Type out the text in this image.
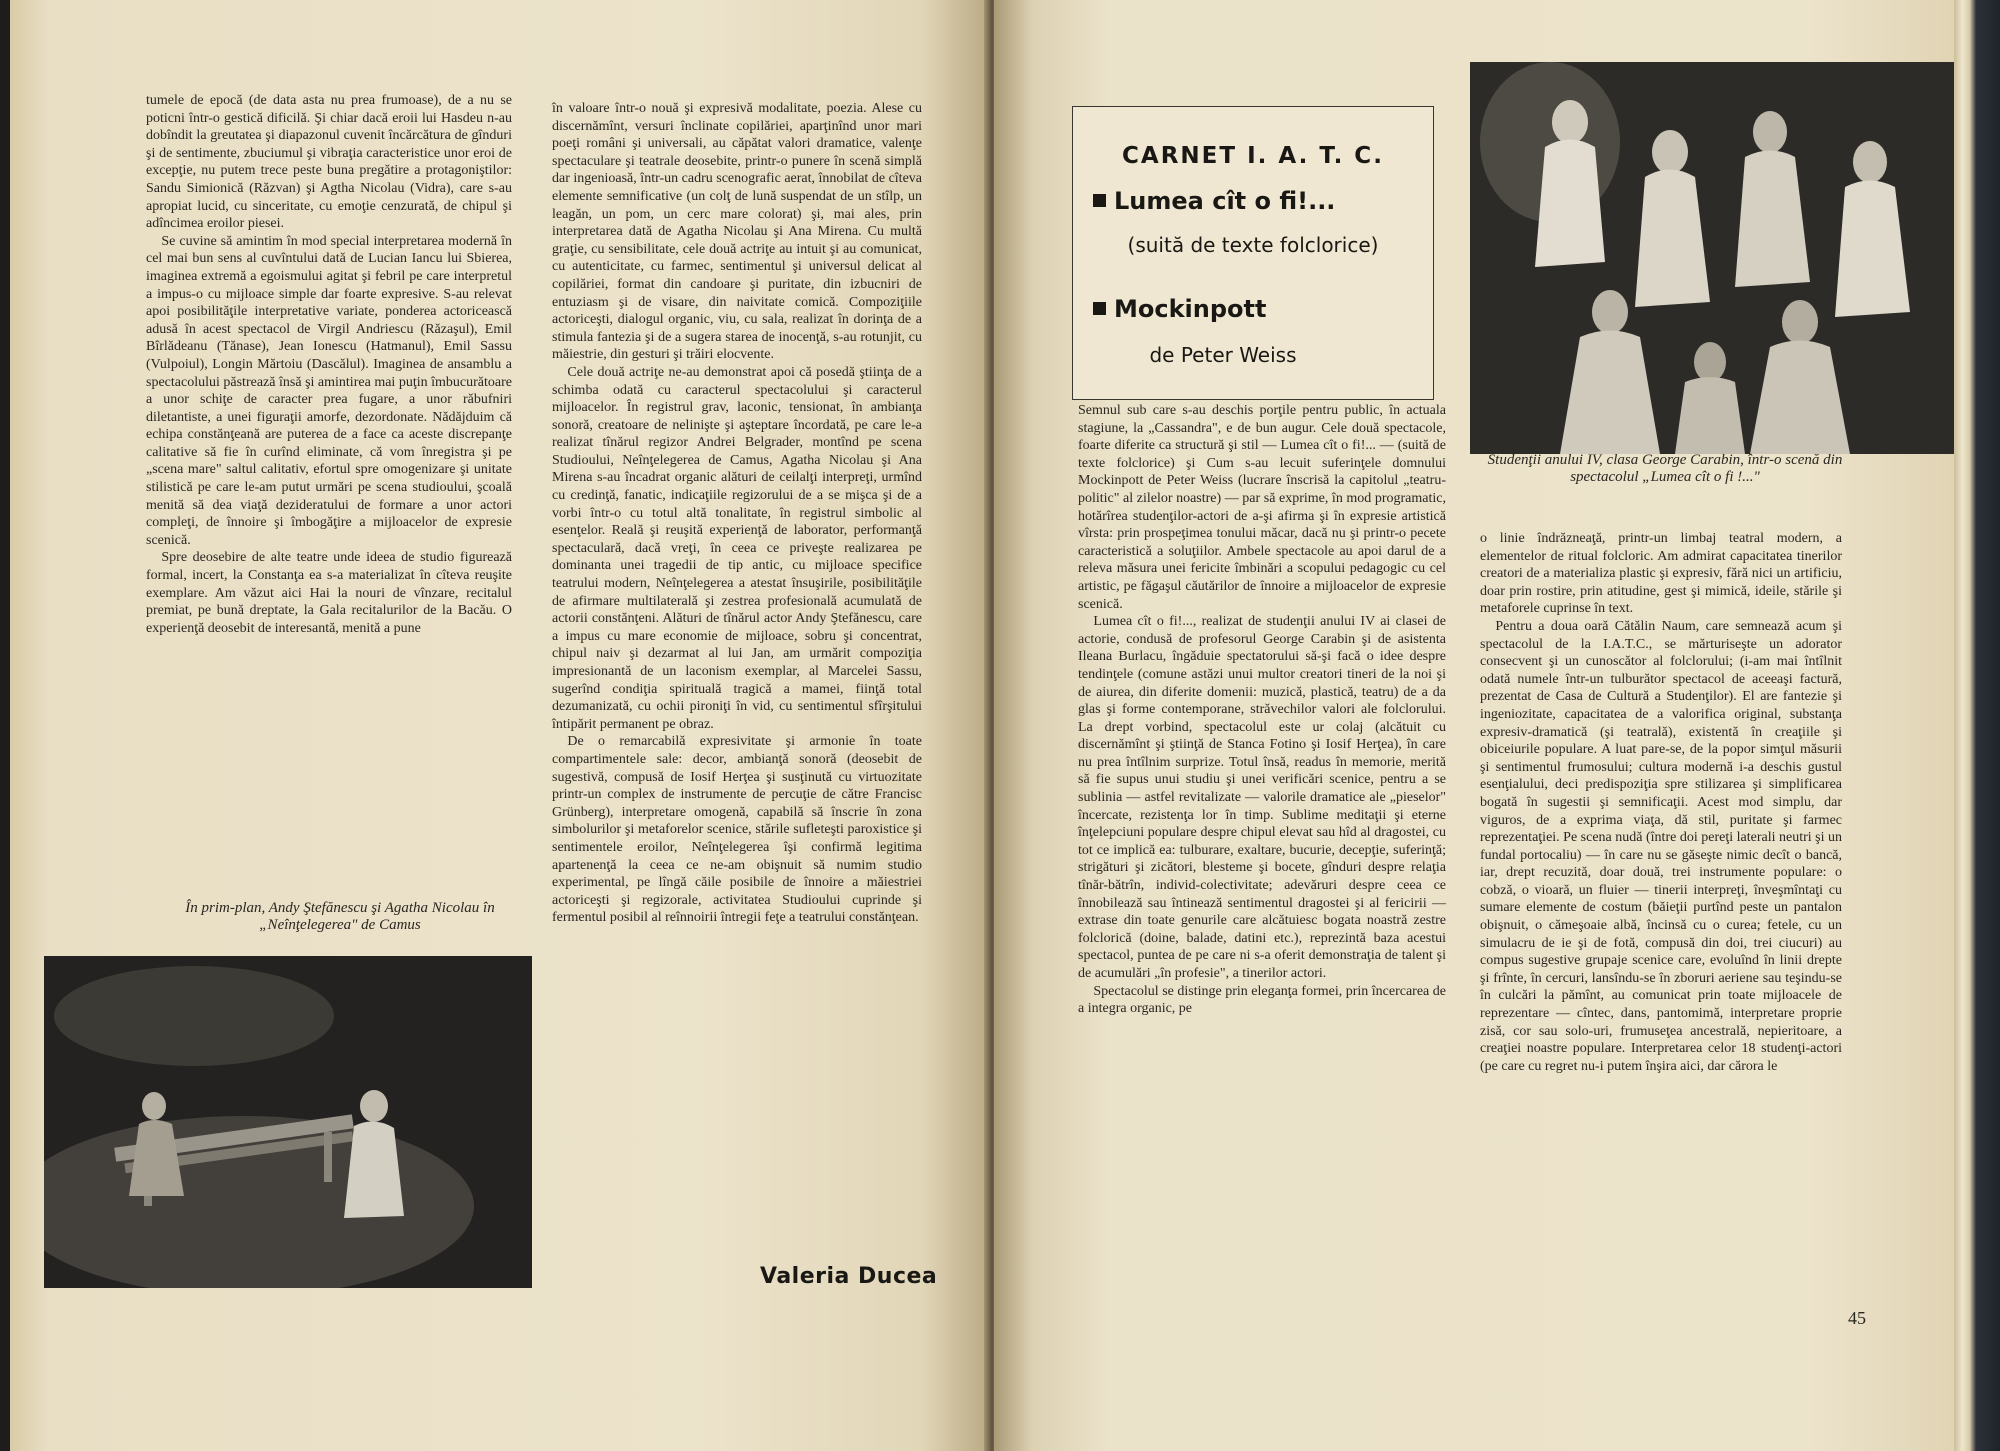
tumele de epocă (de data asta nu prea frumoase), de a nu se poticni într-o gestică dificilă. Şi chiar dacă eroii lui Hasdeu n-au dobîndit la greutatea şi diapazonul cuvenit încărcătura de gînduri şi de sentimente, zbuciumul şi vibraţia caracteristice unor eroi de excepţie, nu putem trece peste buna pregătire a protagoniştilor: Sandu Simionică (Răzvan) şi Agtha Nicolau (Vidra), care s-au apropiat lucid, cu sinceritate, cu emoţie cenzurată, de chipul şi adîncimea eroilor piesei.

Se cuvine să amintim în mod special interpretarea modernă în cel mai bun sens al cuvîntului dată de Lucian Iancu lui Sbierea, imaginea extremă a egoismului agitat şi febril pe care interpretul a impus-o cu mijloace simple dar foarte expresive. S-au relevat apoi posibilităţile interpretative variate, ponderea actoricească adusă în acest spectacol de Virgil Andriescu (Răzaşul), Emil Bîrlădeanu (Tănase), Jean Ionescu (Hatmanul), Emil Sassu (Vulpoiul), Longin Mărtoiu (Dascălul). Imaginea de ansamblu a spectacolului păstrează însă şi amintirea mai puţin îmbucurătoare a unor schiţe de caracter prea fugare, a unor răbufniri diletantiste, a unei figuraţii amorfe, dezordonate. Nădăjduim că echipa constănţeană are puterea de a face ca aceste discrepanţe calitative să fie în curînd eliminate, că vom înregistra şi pe „scena mare" saltul calitativ, efortul spre omogenizare şi unitate stilistică pe care le-am putut urmări pe scena studioului, şcoală menită să dea viaţă dezideratului de formare a unor actori compleţi, de înnoire şi îmbogăţire a mijloacelor de expresie scenică.

Spre deosebire de alte teatre unde ideea de studio figurează formal, incert, la Constanţa ea s-a materializat în cîteva reuşite exemplare. Am văzut aici Hai la nouri de vînzare, recitalul premiat, pe bună dreptate, la Gala recitalurilor de la Bacău. O experienţă deosebit de interesantă, menită a pune

În prim-plan, Andy Ştefănescu şi Agatha Nicolau în „Neînţelegerea" de Camus

în valoare într-o nouă şi expresivă modalitate, poezia. Alese cu discernămînt, versuri înclinate copilăriei, aparţinînd unor mari poeţi români şi universali, au căpătat valori dramatice, valenţe spectaculare şi teatrale deosebite, printr-o punere în scenă simplă dar ingenioasă, într-un cadru scenografic aerat, înnobilat de cîteva elemente semnificative (un colţ de lună suspendat de un stîlp, un leagăn, un pom, un cerc mare colorat) şi, mai ales, prin interpretarea dată de Agatha Nicolau şi Ana Mirena. Cu multă graţie, cu sensibilitate, cele două actriţe au intuit şi au comunicat, cu autenticitate, cu farmec, sentimentul şi universul delicat al copilăriei, format din candoare şi puritate, din izbucniri de entuziasm şi de visare, din naivitate comică. Compoziţiile actoriceşti, dialogul organic, viu, cu sala, realizat în dorinţa de a stimula fantezia şi de a sugera starea de inocenţă, s-au rotunjit, cu măiestrie, din gesturi şi trăiri elocvente.

Cele două actriţe ne-au demonstrat apoi că posedă ştiinţa de a schimba odată cu caracterul spectacolului şi caracterul mijloacelor. În registrul grav, laconic, tensionat, în ambianţa sonoră, creatoare de nelinişte şi aşteptare încordată, pe care le-a realizat tînărul regizor Andrei Belgrader, montînd pe scena Studioului, Neînţelegerea de Camus, Agatha Nicolau şi Ana Mirena s-au încadrat organic alături de ceilalţi interpreţi, urmînd cu credinţă, fanatic, indicaţiile regizorului de a se mişca şi de a vorbi într-o cu totul altă tonalitate, în registrul simbolic al esenţelor. Reală şi reuşită experienţă de laborator, performanţă spectaculară, dacă vreţi, în ceea ce priveşte realizarea pe dominanta unei tragedii de tip antic, cu mijloace specifice teatrului modern, Neînţelegerea a atestat însuşirile, posibilităţile de afirmare multilaterală şi zestrea profesională acumulată de actorii constănţeni. Alături de tînărul actor Andy Ştefănescu, care a impus cu mare economie de mijloace, sobru şi concentrat, chipul naiv şi dezarmat al lui Jan, am urmărit compoziţia impresionantă de un laconism exemplar, al Marcelei Sassu, sugerînd condiţia spirituală tragică a mamei, fiinţă total dezumanizată, cu ochii pironiţi în vid, cu sentimentul sfîrşitului întipărit permanent pe obraz.

De o remarcabilă expresivitate şi armonie în toate compartimentele sale: decor, ambianţă sonoră (deosebit de sugestivă, compusă de Iosif Herţea şi susţinută cu virtuozitate printr-un complex de instrumente de percuţie de către Francisc Grünberg), interpretare omogenă, capabilă să înscrie în zona simbolurilor şi metaforelor scenice, stările sufleteşti paroxistice şi sentimentele eroilor, Neînţelegerea îşi confirmă legitima apartenenţă la ceea ce ne-am obişnuit să numim studio experimental, pe lîngă căile posibile de înnoire a măiestriei actoriceşti şi regizorale, activitatea Studioului cuprinde şi fermentul posibil al reînnoirii întregii feţe a teatrului constănţean.

Valeria Ducea
CARNET I. A. T. C.
Lumea cît o fi!...
(suită de texte folclorice)
Mockinpott
de Peter Weiss
Studenţii anului IV, clasa George Carabin, într-o scenă din spectacolul „Lumea cît o fi !..."

Semnul sub care s-au deschis porţile pentru public, în actuala stagiune, la „Cassandra", e de bun augur. Cele două spectacole, foarte diferite ca structură şi stil — Lumea cît o fi!... — (suită de texte folclorice) şi Cum s-au lecuit suferinţele domnului Mockinpott de Peter Weiss (lucrare înscrisă la capitolul „teatru-politic" al zilelor noastre) — par să exprime, în mod programatic, hotărîrea studenţilor-actori de a-şi afirma şi în expresie artistică vîrsta: prin prospeţimea tonului măcar, dacă nu şi printr-o pecete caracteristică a soluţiilor. Ambele spectacole au apoi darul de a releva măsura unei fericite îmbinări a scopului pedagogic cu cel artistic, pe făgaşul căutărilor de înnoire a mijloacelor de expresie scenică.

Lumea cît o fi!..., realizat de studenţii anului IV ai clasei de actorie, condusă de profesorul George Carabin şi de asistenta Ileana Burlacu, îngăduie spectatorului să-şi facă o idee despre tendinţele (comune astăzi unui multor creatori tineri de la noi şi de aiurea, din diferite domenii: muzică, plastică, teatru) de a da glas şi forme contemporane, străvechilor valori ale folclorului. La drept vorbind, spectacolul este ur colaj (alcătuit cu discernămînt şi ştiinţă de Stanca Fotino şi Iosif Herţea), în care nu prea întîlnim surprize. Totul însă, readus în memorie, merită să fie supus unui studiu şi unei verificări scenice, pentru a se sublinia — astfel revitalizate — valorile dramatice ale „pieselor" încercate, rezistenţa lor în timp. Sublime meditaţii şi eterne înţelepciuni populare despre chipul elevat sau hîd al dragostei, cu tot ce implică ea: tulburare, exaltare, bucurie, decepţie, suferinţă; strigături şi zicători, blesteme şi bocete, gînduri despre relaţia tînăr-bătrîn, individ-colectivitate; adevăruri despre ceea ce înnobilează sau întinează sentimentul dragostei şi al fericirii — extrase din toate genurile care alcătuiesc bogata noastră zestre folclorică (doine, balade, datini etc.), reprezintă baza acestui spectacol, puntea de pe care ni s-a oferit demonstraţia de talent şi de acumulări „în profesie", a tinerilor actori.

Spectacolul se distinge prin eleganţa formei, prin încercarea de a integra organic, pe

o linie îndrăzneaţă, printr-un limbaj teatral modern, a elementelor de ritual folcloric. Am admirat capacitatea tinerilor creatori de a materializa plastic şi expresiv, fără nici un artificiu, doar prin rostire, prin atitudine, gest şi mimică, ideile, stările şi metaforele cuprinse în text.

Pentru a doua oară Cătălin Naum, care semnează acum şi spectacolul de la I.A.T.C., se mărturiseşte un adorator consecvent şi un cunoscător al folclorului; (i-am mai întîlnit odată numele într-un tulburător spectacol de aceeaşi factură, prezentat de Casa de Cultură a Studenţilor). El are fantezie şi ingeniozitate, capacitatea de a valorifica original, substanţa expresiv-dramatică (şi teatrală), existentă în creaţiile şi obiceiurile populare. A luat pare-se, de la popor simţul măsurii şi sentimentul frumosului; cultura modernă i-a deschis gustul esenţialului, deci predispoziţia spre stilizarea şi simplificarea bogată în sugestii şi semnificaţii. Acest mod simplu, dar viguros, de a exprima viaţa, dă stil, puritate şi farmec reprezentaţiei. Pe scena nudă (între doi pereţi laterali neutri şi un fundal portocaliu) — în care nu se găseşte nimic decît o bancă, iar, drept recuzită, doar două, trei instrumente populare: o cobză, o vioară, un fluier — tinerii interpreţi, înveşmîntaţi cu sumare elemente de costum (băieţii purtînd peste un pantalon obişnuit, o cămeşoaie albă, încinsă cu o curea; fetele, cu un simulacru de ie şi de fotă, compusă din doi, trei ciucuri) au compus sugestive grupaje scenice care, evoluînd în linii drepte şi frînte, în cercuri, lansîndu-se în zboruri aeriene sau teşindu-se în culcări la pămînt, au comunicat prin toate mijloacele de reprezentare — cîntec, dans, pantomimă, interpretare proprie zisă, cor sau solo-uri, frumuseţea ancestrală, nepieritoare, a creaţiei noastre populare. Interpretarea celor 18 studenţi-actori (pe care cu regret nu-i putem înşira aici, dar cărora le

45
